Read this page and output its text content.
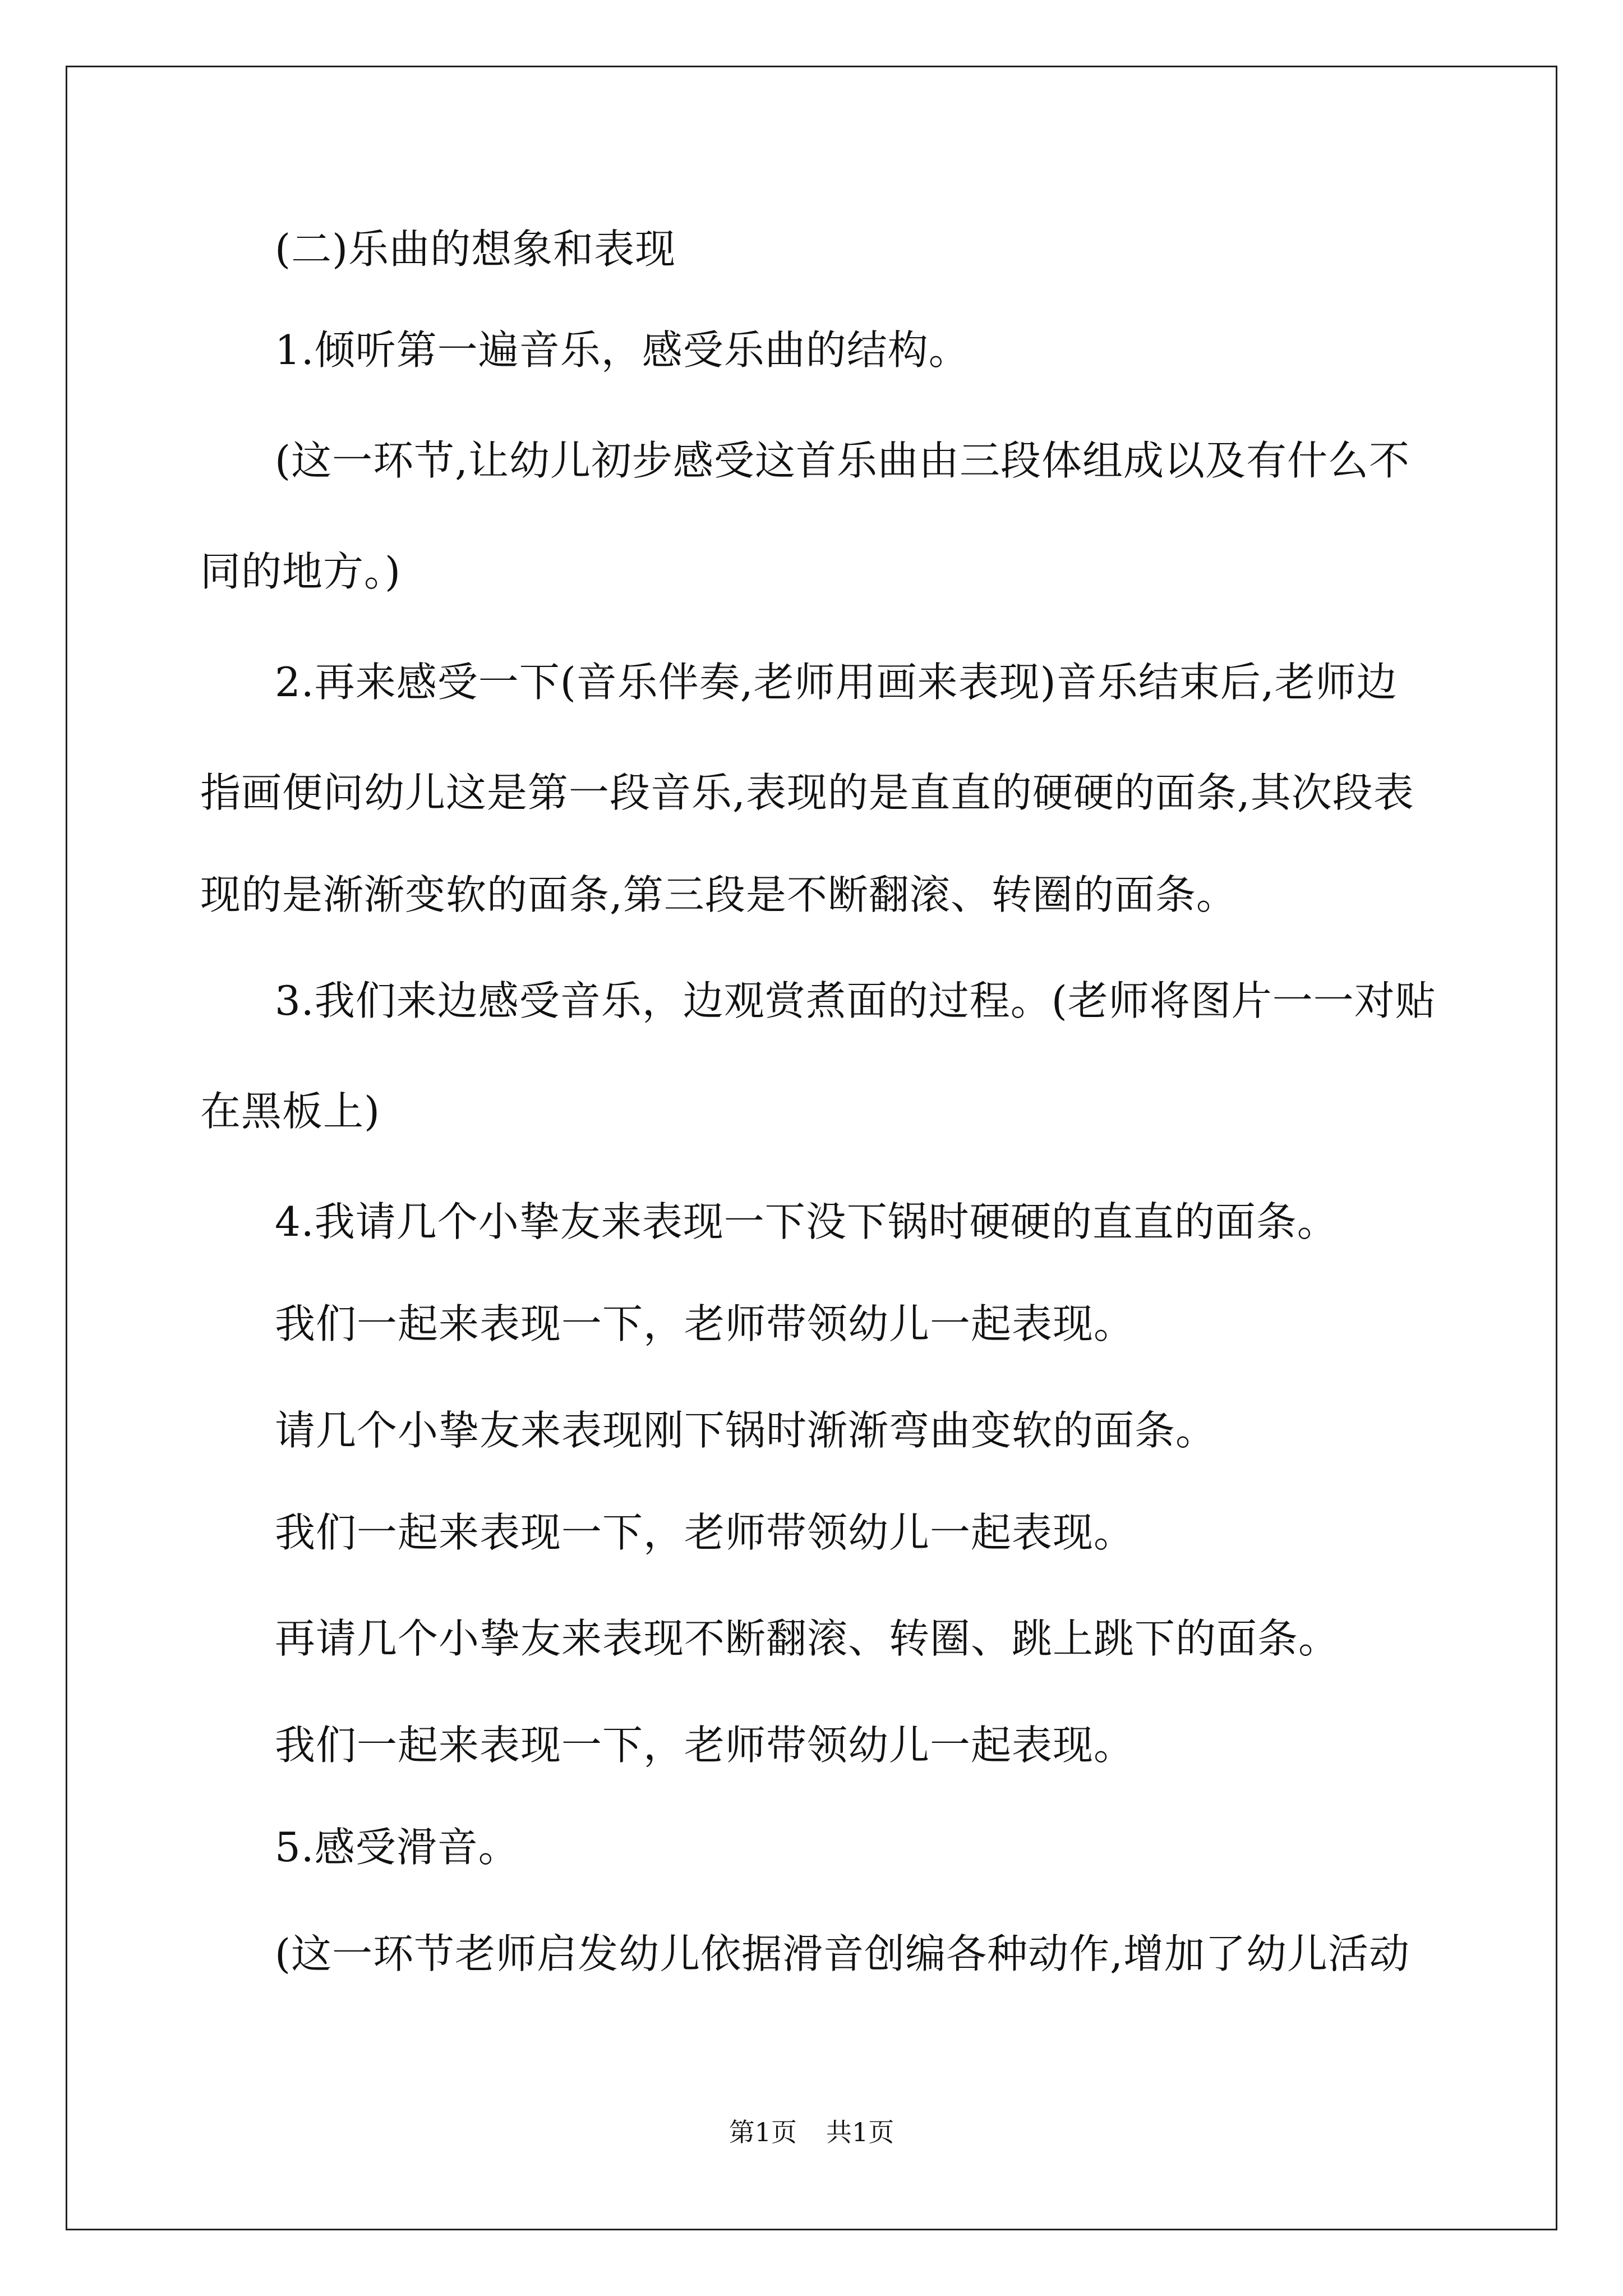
(二)乐曲的想象和表现
1.倾听第一遍音乐，感受乐曲的结构。
(这一环节,让幼儿初步感受这首乐曲由三段体组成以及有什么不
同的地方。)
2.再来感受一下(音乐伴奏,老师用画来表现)音乐结束后,老师边
指画便问幼儿这是第一段音乐,表现的是直直的硬硬的面条,其次段表
现的是渐渐变软的面条,第三段是不断翻滚、转圈的面条。
3.我们来边感受音乐，边观赏煮面的过程。(老师将图片一一对贴
在黑板上)
4.我请几个小挚友来表现一下没下锅时硬硬的直直的面条。
我们一起来表现一下，老师带领幼儿一起表现。
请几个小挚友来表现刚下锅时渐渐弯曲变软的面条。
我们一起来表现一下，老师带领幼儿一起表现。
再请几个小挚友来表现不断翻滚、转圈、跳上跳下的面条。
我们一起来表现一下，老师带领幼儿一起表现。
5.感受滑音。
(这一环节老师启发幼儿依据滑音创编各种动作,增加了幼儿活动
第1页 共1页
